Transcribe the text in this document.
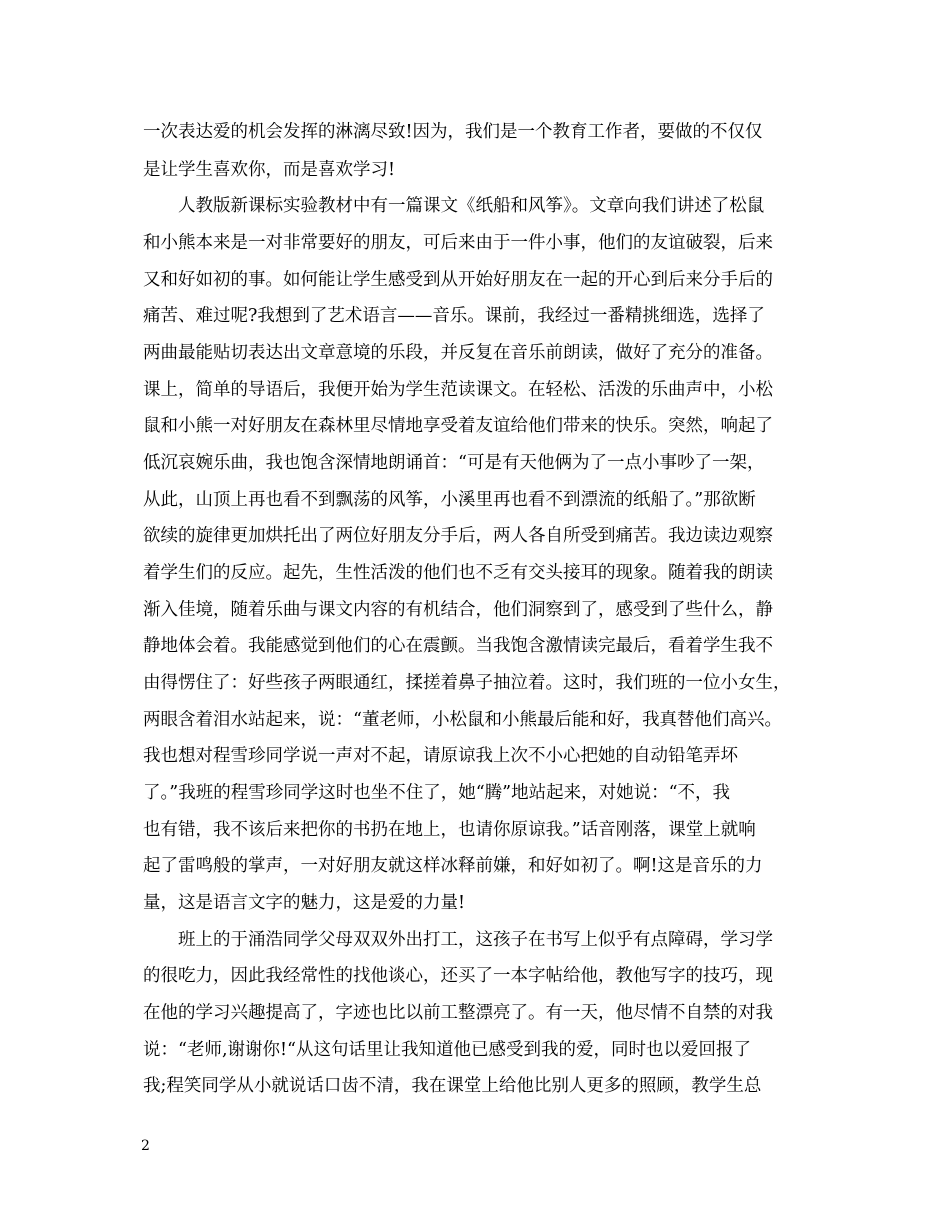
一次表达爱的机会发挥的淋漓尽致!因为，我们是一个教育工作者，要做的不仅仅
是让学生喜欢你，而是喜欢学习!
　　人教版新课标实验教材中有一篇课文《纸船和风筝》。文章向我们讲述了松鼠
和小熊本来是一对非常要好的朋友，可后来由于一件小事，他们的友谊破裂，后来
又和好如初的事。如何能让学生感受到从开始好朋友在一起的开心到后来分手后的
痛苦、难过呢?我想到了艺术语言——音乐。课前，我经过一番精挑细选，选择了
两曲最能贴切表达出文章意境的乐段，并反复在音乐前朗读，做好了充分的准备。
课上，简单的导语后，我便开始为学生范读课文。在轻松、活泼的乐曲声中，小松
鼠和小熊一对好朋友在森林里尽情地享受着友谊给他们带来的快乐。突然，响起了
低沉哀婉乐曲，我也饱含深情地朗诵首：“可是有天他俩为了一点小事吵了一架，
从此，山顶上再也看不到飘荡的风筝，小溪里再也看不到漂流的纸船了。”那欲断
欲续的旋律更加烘托出了两位好朋友分手后，两人各自所受到痛苦。我边读边观察
着学生们的反应。起先，生性活泼的他们也不乏有交头接耳的现象。随着我的朗读
渐入佳境，随着乐曲与课文内容的有机结合，他们洞察到了，感受到了些什么，静
静地体会着。我能感觉到他们的心在震颤。当我饱含激情读完最后，看着学生我不
由得愣住了：好些孩子两眼通红，揉搓着鼻子抽泣着。这时，我们班的一位小女生，
两眼含着泪水站起来，说：“董老师，小松鼠和小熊最后能和好，我真替他们高兴。
我也想对程雪珍同学说一声对不起，请原谅我上次不小心把她的自动铅笔弄坏
了。”我班的程雪珍同学这时也坐不住了，她“腾”地站起来，对她说：“不，我
也有错，我不该后来把你的书扔在地上，也请你原谅我。”话音刚落，课堂上就响
起了雷鸣般的掌声，一对好朋友就这样冰释前嫌，和好如初了。啊!这是音乐的力
量，这是语言文字的魅力，这是爱的力量!
　　班上的于涌浩同学父母双双外出打工，这孩子在书写上似乎有点障碍，学习学
的很吃力，因此我经常性的找他谈心，还买了一本字帖给他，教他写字的技巧，现
在他的学习兴趣提高了，字迹也比以前工整漂亮了。有一天，他尽情不自禁的对我
说：“老师,谢谢你!“从这句话里让我知道他已感受到我的爱，同时也以爱回报了
我;程笑同学从小就说话口齿不清，我在课堂上给他比别人更多的照顾，教学生总
2
